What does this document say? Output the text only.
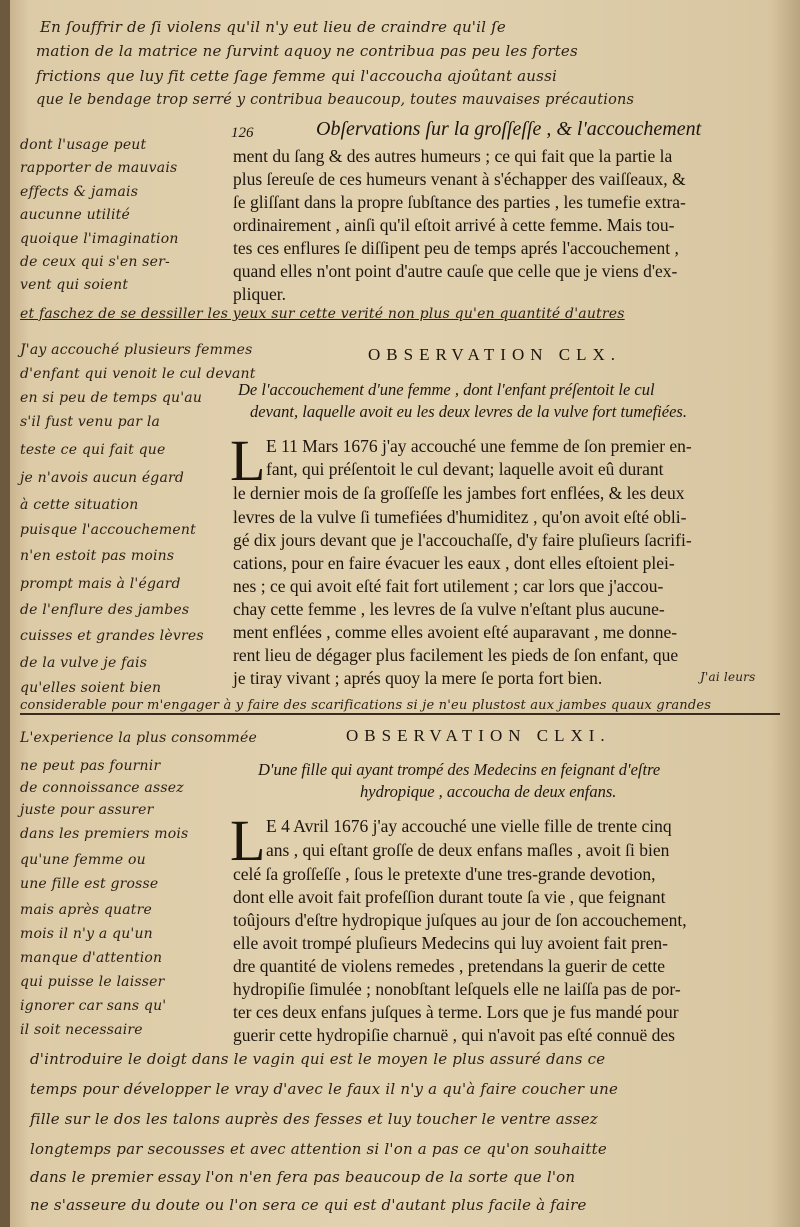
En ſouffrir de ſi violens qu'il n'y eut lieu de craindre qu'il ſe
mation de la matrice ne ſurvint aquoy ne contribua pas peu les fortes
frictions que luy fit cette ſage femme qui l'accoucha ajoûtant aussi
que le bendage trop serré y contribua beaucoup, toutes mauvaises précautions
126	Obſervations ſur la groſſeſſe , & l'accouchement
dont l'usage peut
rapporter de mauvais
effects & jamais
aucunne utilité
quoique l'imagination
de ceux qui s'en ser-
vent qui soient
ment du ſang & des autres humeurs ; ce qui fait que la partie la
plus ſereuſe de ces humeurs venant à s'échapper des vaiſſeaux, &
ſe gliſſant dans la propre ſubſtance des parties , les tumefie extra-
ordinairement , ainſi qu'il eſtoit arrivé à cette femme. Mais tou-
tes ces enflures ſe diſſipent peu de temps aprés l'accouchement ,
quand elles n'ont point d'autre cauſe que celle que je viens d'ex-
pliquer.
et faschez de se dessiller les yeux sur cette verité non plus qu'en quantité d'autres
J'ay accouché plusieurs femmes
d'enfant qui venoit le cul devant
en si peu de temps qu'au
s'il fust venu par la
teste ce qui fait que
je n'avois aucun égard
à cette situation
puisque l'accouchement
n'en estoit pas moins
prompt mais à l'égard
de l'enflure des jambes
cuisses et grandes lèvres
de la vulve je fais
qu'elles soient bien
OBSERVATION CLX.
De l'accouchement d'une femme , dont l'enfant préſentoit le cul
devant, laquelle avoit eu les deux levres de la vulve fort tumefiées.
L E 11 Mars 1676 j'ay accouché une femme de ſon premier en-
fant, qui préſentoit le cul devant; laquelle avoit eû durant
le dernier mois de ſa groſſeſſe les jambes fort enflées, & les deux
levres de la vulve ſi tumefiées d'humiditez , qu'on avoit eſté obli-
gé dix jours devant que je l'accouchaſſe, d'y faire pluſieurs ſacrifi-
cations, pour en faire évacuer les eaux , dont elles eſtoient plei-
nes ; ce qui avoit eſté fait fort utilement ; car lors que j'accou-
chay cette femme , les levres de ſa vulve n'eſtant plus aucune-
ment enflées , comme elles avoient eſté auparavant , me donne-
rent lieu de dégager plus facilement les pieds de ſon enfant, que
je tiray vivant ; aprés quoy la mere ſe porta fort bien.	J'ai leurs
considerable pour m'engager à y faire des scarifications si je n'eu plustost aux jambes quaux grandes
L'experience la plus consommée	OBSERVATION CLXI.
D'une fille qui ayant trompé des Medecins en feignant d'eſtre
hydropique , accoucha de deux enfans.
ne peut pas fournir
de connoissance assez
juste pour assurer
dans les premiers mois
qu'une femme ou
une fille est grosse
mais après quatre
mois il n'y a qu'un
manque d'attention
qui puisse le laisser
ignorer car sans qu'
il soit necessaire
L E 4 Avril 1676 j'ay accouché une vielle fille de trente cinq
ans , qui eſtant groſſe de deux enfans maſles , avoit ſi bien
celé ſa groſſeſſe , ſous le pretexte d'une tres-grande devotion,
dont elle avoit fait profeſſion durant toute ſa vie , que feignant
toûjours d'eſtre hydropique juſques au jour de ſon accouchement,
elle avoit trompé pluſieurs Medecins qui luy avoient fait pren-
dre quantité de violens remedes , pretendans la guerir de cette
hydropiſie ſimulée ; nonobſtant leſquels elle ne laiſſa pas de por-
ter ces deux enfans juſques à terme. Lors que je fus mandé pour
guerir cette hydropiſie charnuë , qui n'avoit pas eſté connuë des
d'introduire le doigt dans le vagin qui est le moyen le plus assuré dans ce
temps pour développer le vray d'avec le faux il n'y a qu'à faire coucher une
fille sur le dos les talons auprès des fesses et luy toucher le ventre assez
longtemps par secousses et avec attention si l'on a pas ce qu'on souhaitte
dans le premier essay l'on n'en fera pas beaucoup de la sorte que l'on
ne s'asseure du doute ou l'on sera ce qui est d'autant plus facile à faire
